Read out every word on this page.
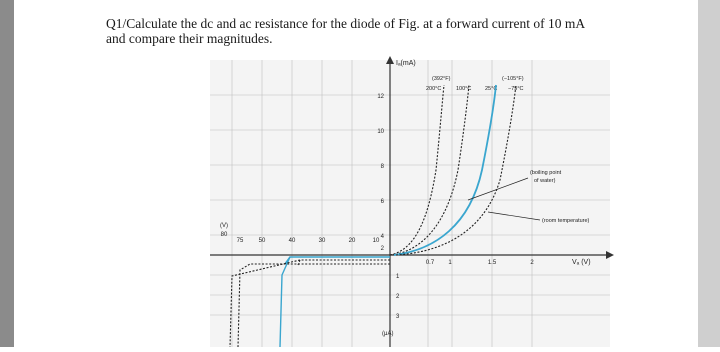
Q1/Calculate the dc and ac resistance for the diode of Fig. at a forward current of 10 mA
and compare their magnitudes.
Iₐ(mA)
Vₐ (V)
(μA)
(V)
(392°F)	(−105°F)
200°C	100°C 25°C −75°C
12
10
8
6
4
2
1
2
3
0.7 1	1.5	2
50	40	30	20	10
80
75
(boiling point
of water)
(room temperature)
